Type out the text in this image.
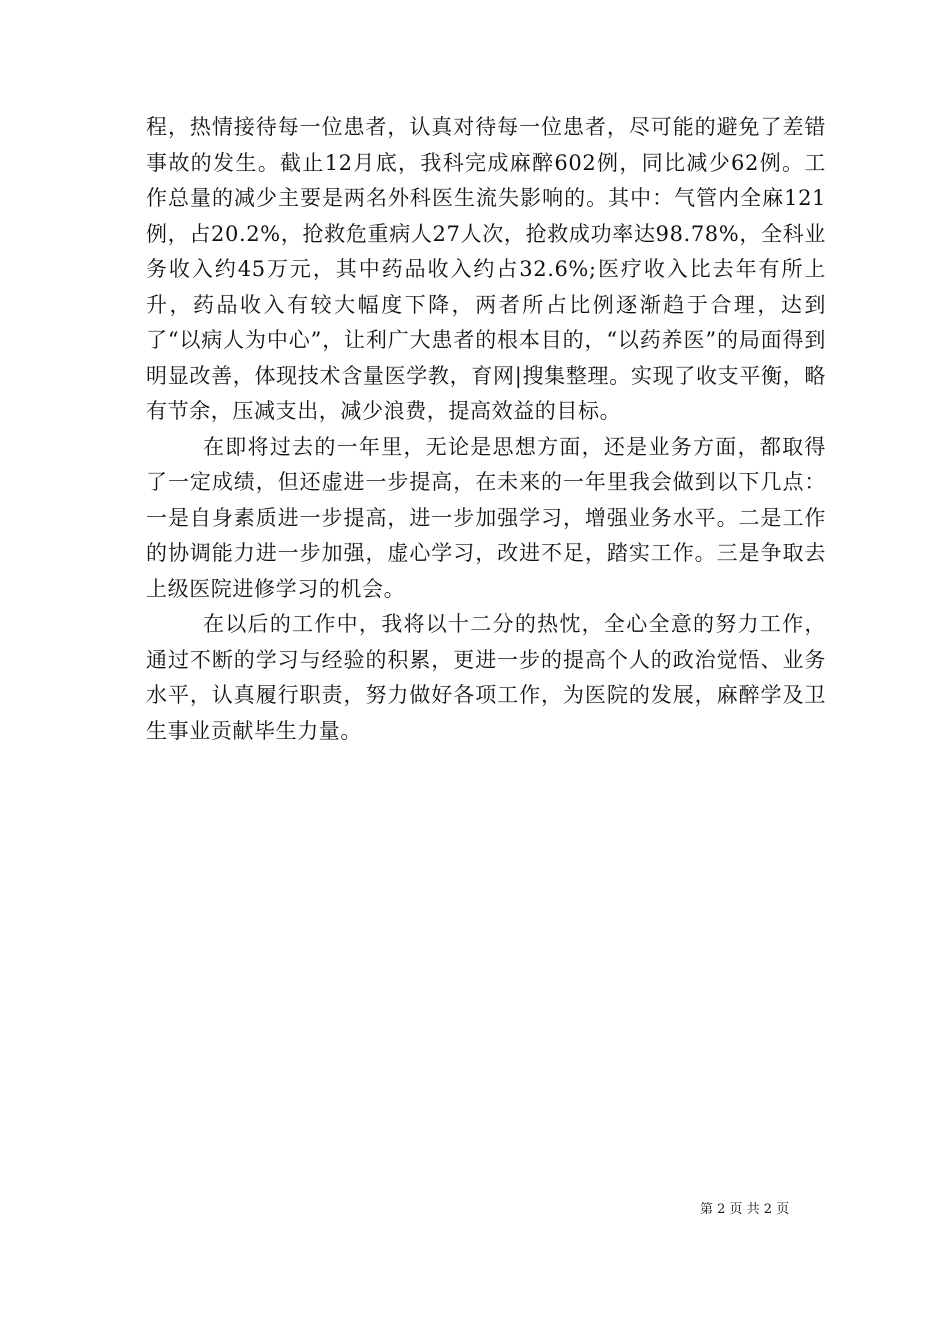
程，热情接待每一位患者，认真对待每一位患者，尽可能的避免了差错事故的发生。截止12月底，我科完成麻醉602例，同比减少62例。工作总量的减少主要是两名外科医生流失影响的。其中：气管内全麻121例，占20.2%，抢救危重病人27人次，抢救成功率达98.78%，全科业务收入约45万元，其中药品收入约占32.6%;医疗收入比去年有所上升，药品收入有较大幅度下降，两者所占比例逐渐趋于合理，达到了“以病人为中心”，让利广大患者的根本目的，“以药养医”的局面得到明显改善，体现技术含量医学教，育网|搜集整理。实现了收支平衡，略有节余，压减支出，减少浪费，提高效益的目标。

在即将过去的一年里，无论是思想方面，还是业务方面，都取得了一定成绩，但还虚进一步提高，在未来的一年里我会做到以下几点：一是自身素质进一步提高，进一步加强学习，增强业务水平。二是工作的协调能力进一步加强，虚心学习，改进不足，踏实工作。三是争取去上级医院进修学习的机会。

在以后的工作中，我将以十二分的热忱，全心全意的努力工作，通过不断的学习与经验的积累，更进一步的提高个人的政治觉悟、业务水平，认真履行职责，努力做好各项工作，为医院的发展，麻醉学及卫生事业贡献毕生力量。

第 2 页 共 2 页
